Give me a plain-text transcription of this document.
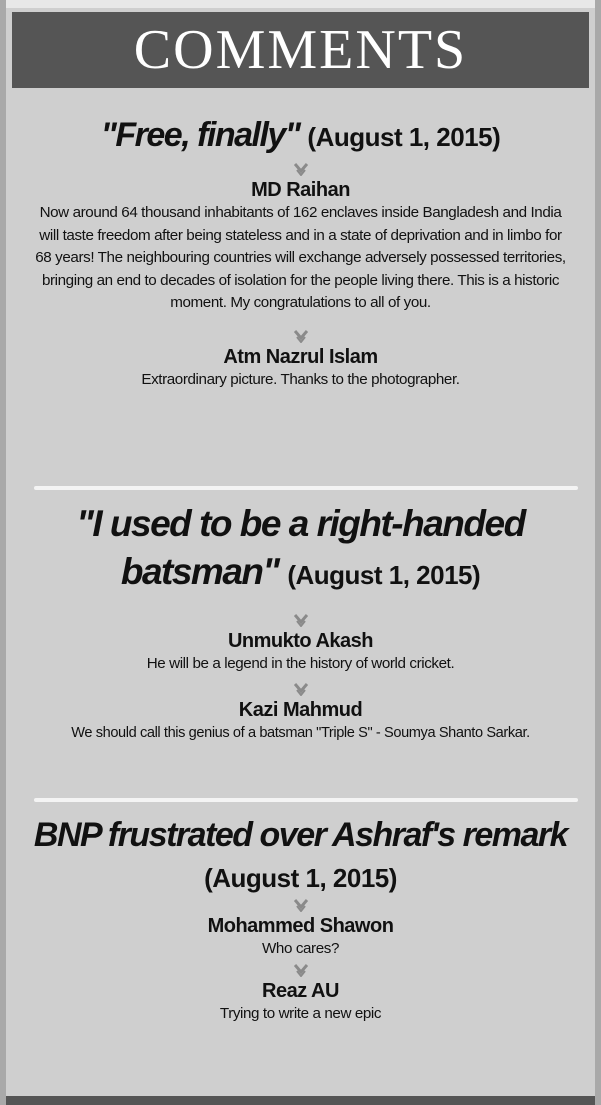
COMMENTS
"Free, finally" (August 1, 2015)
MD Raihan
Now around 64 thousand inhabitants of 162 enclaves inside Bangladesh and India will taste freedom after being stateless and in a state of deprivation and in limbo for 68 years! The neighbouring countries will exchange adversely possessed territories, bringing an end to decades of isolation for the people living there. This is a historic moment. My congratulations to all of you.
Atm Nazrul Islam
Extraordinary picture. Thanks to the photographer.
"I used to be a right-handed
batsman" (August 1, 2015)
Unmukto Akash
He will be a legend in the history of world cricket.
Kazi Mahmud
We should call this genius of a batsman "Triple S" - Soumya Shanto Sarkar.
BNP frustrated over Ashraf's remark
(August 1, 2015)
Mohammed Shawon
Who cares?
Reaz AU
Trying to write a new epic
